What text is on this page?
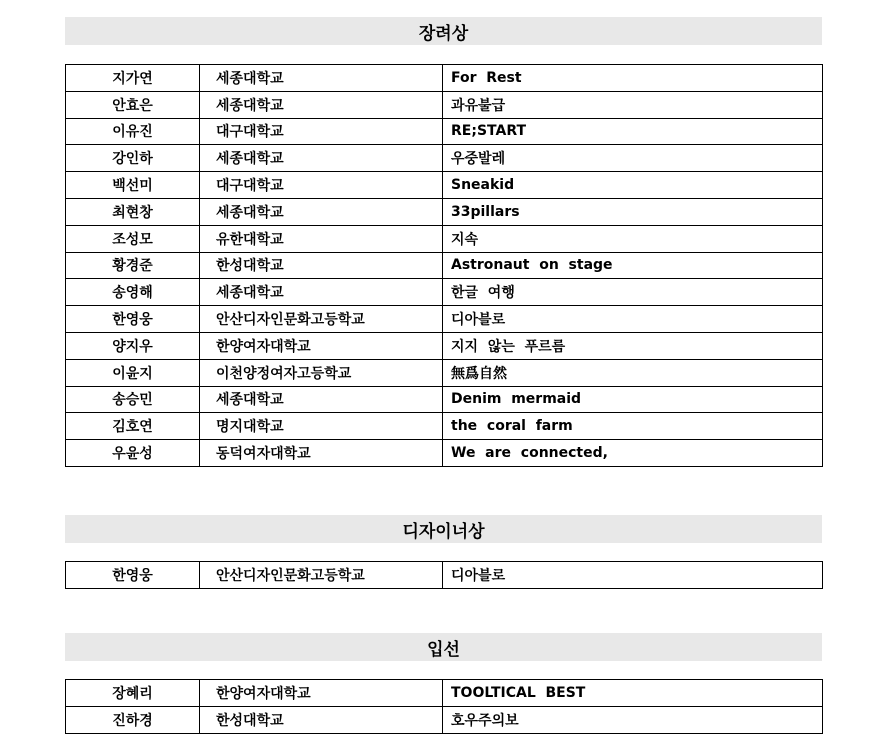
장려상
지가연	세종대학교	For  Rest
안효은	세종대학교	과유불급
이유진	대구대학교	RE;START
강인하	세종대학교	우중발레
백선미	대구대학교	Sneakid
최현창	세종대학교	33pillars
조성모	유한대학교	지속
황경준	한성대학교	Astronaut  on  stage
송영해	세종대학교	한글  여행
한영웅	안산디자인문화고등학교	디아블로
양지우	한양여자대학교	지지  않는  푸르름
이윤지	이천양정여자고등학교	無爲自然
송승민	세종대학교	Denim  mermaid
김호연	명지대학교	the  coral  farm
우윤성	동덕여자대학교	We  are  connected,
디자이너상
한영웅	안산디자인문화고등학교	디아블로
입선
장혜리	한양여자대학교	TOOLTICAL  BEST
진하경	한성대학교	호우주의보
